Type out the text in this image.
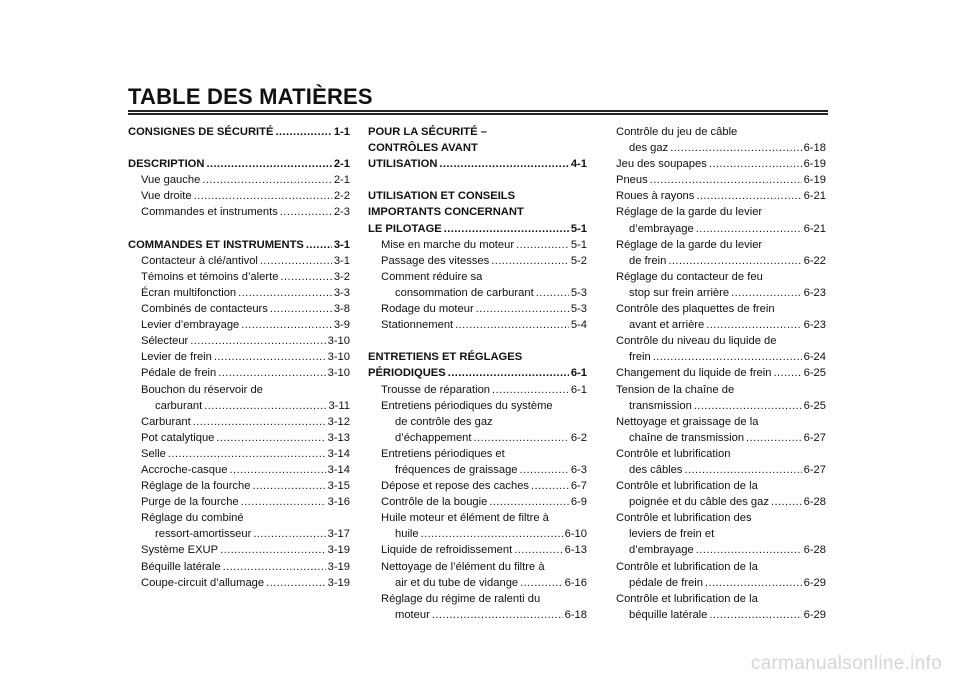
TABLE DES MATIÈRES
CONSIGNES DE SÉCURITÉ .....	1-1
DESCRIPTION .....	2-1
Vue gauche .....	2-1
Vue droite .....	2-2
Commandes et instruments .....	2-3
COMMANDES ET INSTRUMENTS .....	3-1
Contacteur à clé/antivol .....	3-1
Témoins et témoins d’alerte .....	3-2
Écran multifonction .....	3-3
Combinés de contacteurs .....	3-8
Levier d’embrayage .....	3-9
Sélecteur .....	3-10
Levier de frein .....	3-10
Pédale de frein .....	3-10
Bouchon du réservoir de
carburant .....	3-11
Carburant .....	3-12
Pot catalytique .....	3-13
Selle .....	3-14
Accroche-casque .....	3-14
Réglage de la fourche .....	3-15
Purge de la fourche .....	3-16
Réglage du combiné
ressort-amortisseur .....	3-17
Système EXUP .....	3-19
Béquille latérale .....	3-19
Coupe-circuit d’allumage .....	3-19
POUR LA SÉCURITÉ –
CONTRÔLES AVANT
UTILISATION .....	4-1
UTILISATION ET CONSEILS
IMPORTANTS CONCERNANT
LE PILOTAGE .....	5-1
Mise en marche du moteur .....	5-1
Passage des vitesses .....	5-2
Comment réduire sa
consommation de carburant .....	5-3
Rodage du moteur .....	5-3
Stationnement .....	5-4
ENTRETIENS ET RÉGLAGES
PÉRIODIQUES .....	6-1
Trousse de réparation .....	6-1
Entretiens périodiques du système
de contrôle des gaz
d’échappement .....	6-2
Entretiens périodiques et
fréquences de graissage .....	6-3
Dépose et repose des caches .....	6-7
Contrôle de la bougie .....	6-9
Huile moteur et élément de filtre à
huile .....	6-10
Liquide de refroidissement .....	6-13
Nettoyage de l’élément du filtre à
air et du tube de vidange .....	6-16
Réglage du régime de ralenti du
moteur .....	6-18
Contrôle du jeu de câble
des gaz .....	6-18
Jeu des soupapes .....	6-19
Pneus .....	6-19
Roues à rayons .....	6-21
Réglage de la garde du levier
d’embrayage .....	6-21
Réglage de la garde du levier
de frein .....	6-22
Réglage du contacteur de feu
stop sur frein arrière .....	6-23
Contrôle des plaquettes de frein
avant et arrière .....	6-23
Contrôle du niveau du liquide de
frein .....	6-24
Changement du liquide de frein .....	6-25
Tension de la chaîne de
transmission .....	6-25
Nettoyage et graissage de la
chaîne de transmission .....	6-27
Contrôle et lubrification
des câbles .....	6-27
Contrôle et lubrification de la
poignée et du câble des gaz .....	6-28
Contrôle et lubrification des
leviers de frein et
d’embrayage .....	6-28
Contrôle et lubrification de la
pédale de frein .....	6-29
Contrôle et lubrification de la
béquille latérale .....	6-29
carmanualsonline.info
